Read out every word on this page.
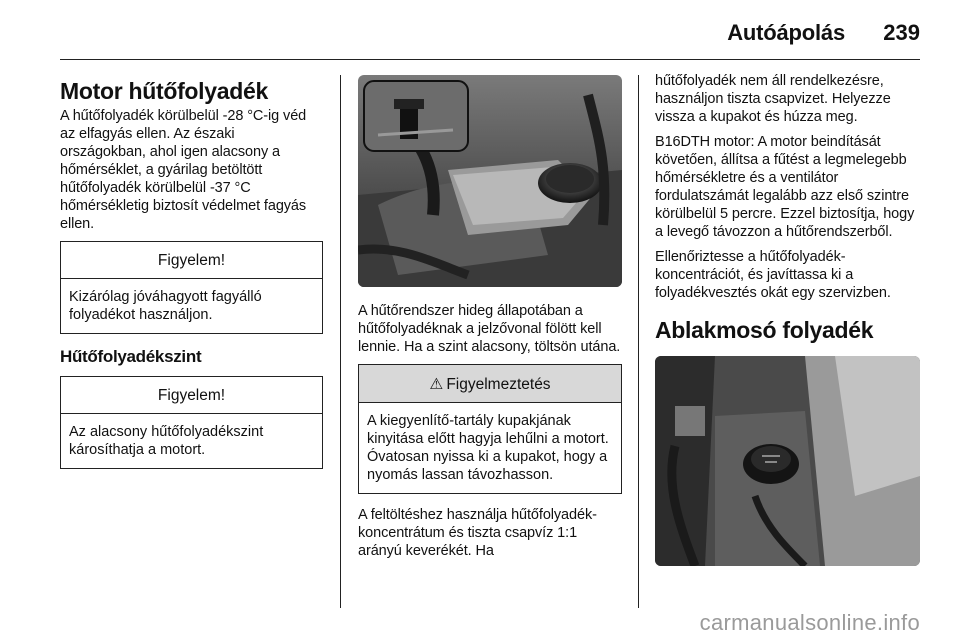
Autóápolás 239
Motor hűtőfolyadék

A hűtőfolyadék körülbelül -28 °C-ig véd az elfagyás ellen. Az északi országokban, ahol igen alacsony a hőmérséklet, a gyárilag betöltött hűtőfolyadék körülbelül -37 °C hőmérsékletig biztosít védelmet fagyás ellen.

Figyelem!
Kizárólag jóváhagyott fagyálló folyadékot használjon.
Hűtőfolyadékszint
Figyelem!
Az alacsony hűtőfolyadékszint károsíthatja a motort.

A hűtőrendszer hideg állapotában a hűtőfolyadéknak a jelzővonal fölött kell lennie. Ha a szint alacsony, töltsön utána.

⚠ Figyelmeztetés
A kiegyenlítő-tartály kupakjának kinyitása előtt hagyja lehűlni a motort. Óvatosan nyissa ki a kupakot, hogy a nyomás lassan távozhasson.

A feltöltéshez használja hűtőfolyadék-koncentrátum és tiszta csapvíz 1:1 arányú keverékét. Ha

hűtőfolyadék nem áll rendelkezésre, használjon tiszta csapvizet. Helyezze vissza a kupakot és húzza meg.

B16DTH motor: A motor beindítását követően, állítsa a fűtést a legmelegebb hőmérsékletre és a ventilátor fordulatszámát legalább azz első szintre körülbelül 5 percre. Ezzel biztosítja, hogy a levegő távozzon a hűtőrendszerből.

Ellenőriztesse a hűtőfolyadék-koncentrációt, és javíttassa ki a folyadékvesztés okát egy szervizben.

Ablakmosó folyadék
carmanualsonline.info
